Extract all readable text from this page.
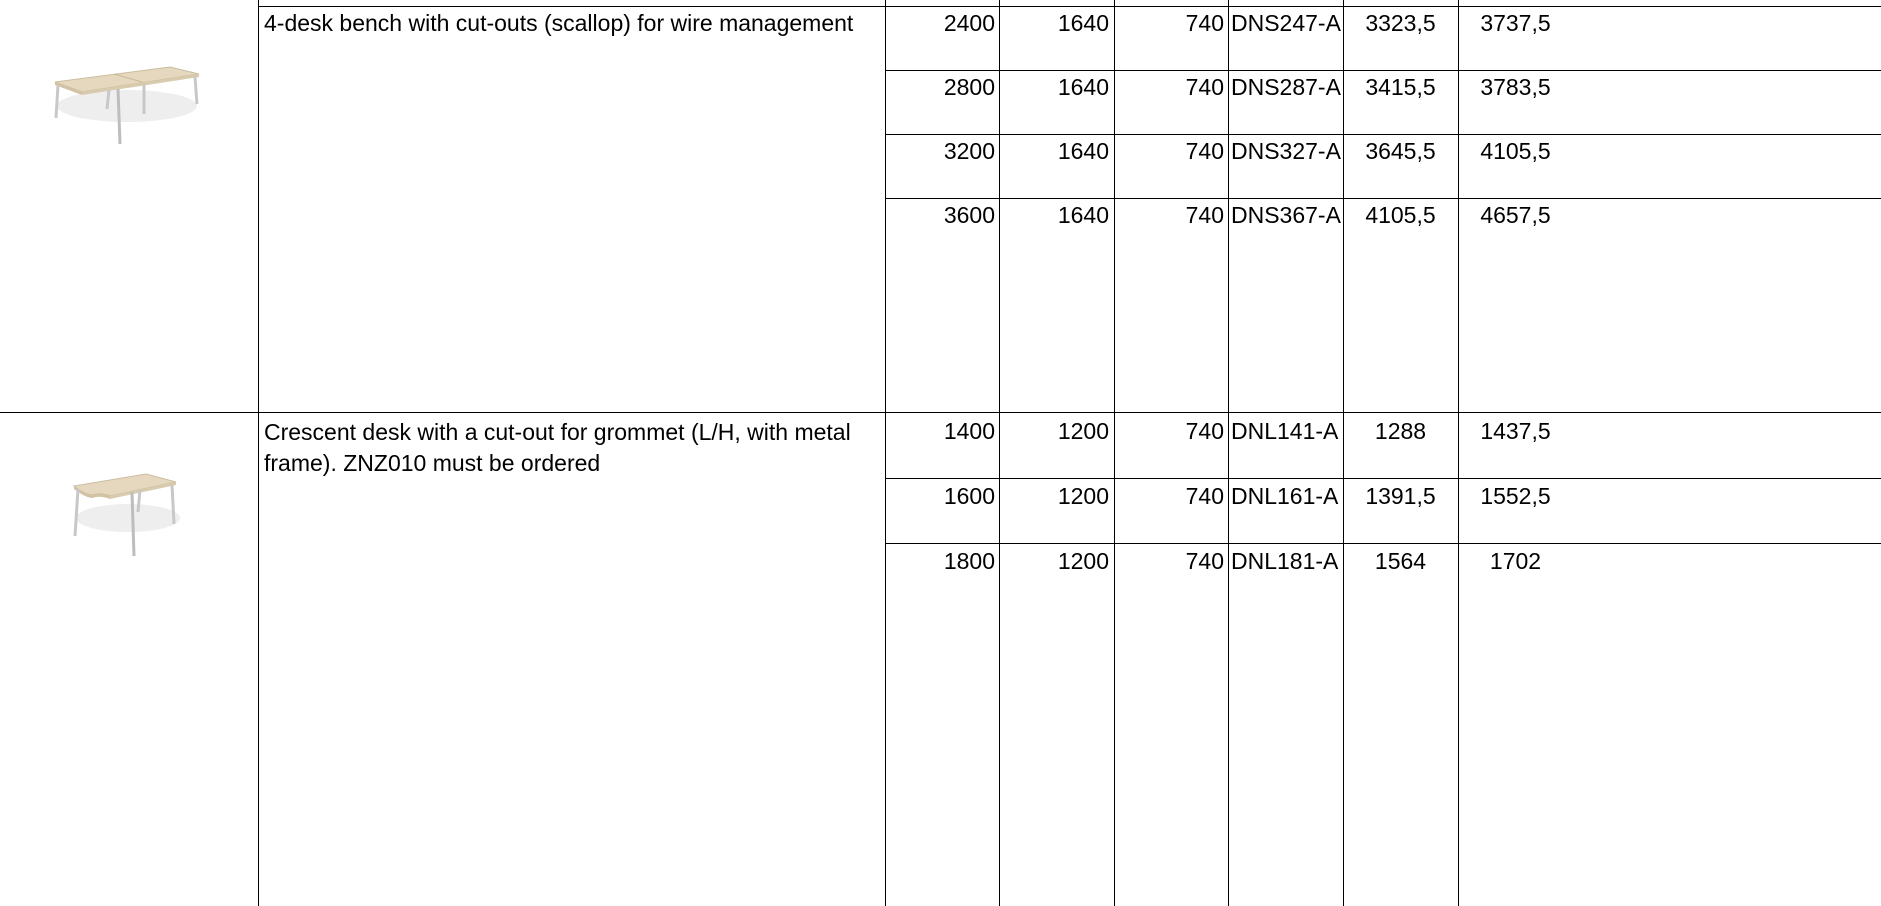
4-desk bench with cut-outs (scallop) for wire management	2400	1640	740 DNS247-A	3323,5	3737,5
2800	1640	740 DNS287-A	3415,5	3783,5
3200	1640	740 DNS327-A	3645,5	4105,5
3600	1640	740 DNS367-A	4105,5	4657,5
Crescent desk with a cut-out for grommet (L/H, with metal frame). ZNZ010 must be ordered
1400	1200	740 DNL141-A	1288	1437,5
1600	1200	740 DNL161-A	1391,5	1552,5
1800	1200	740 DNL181-A	1564	1702
